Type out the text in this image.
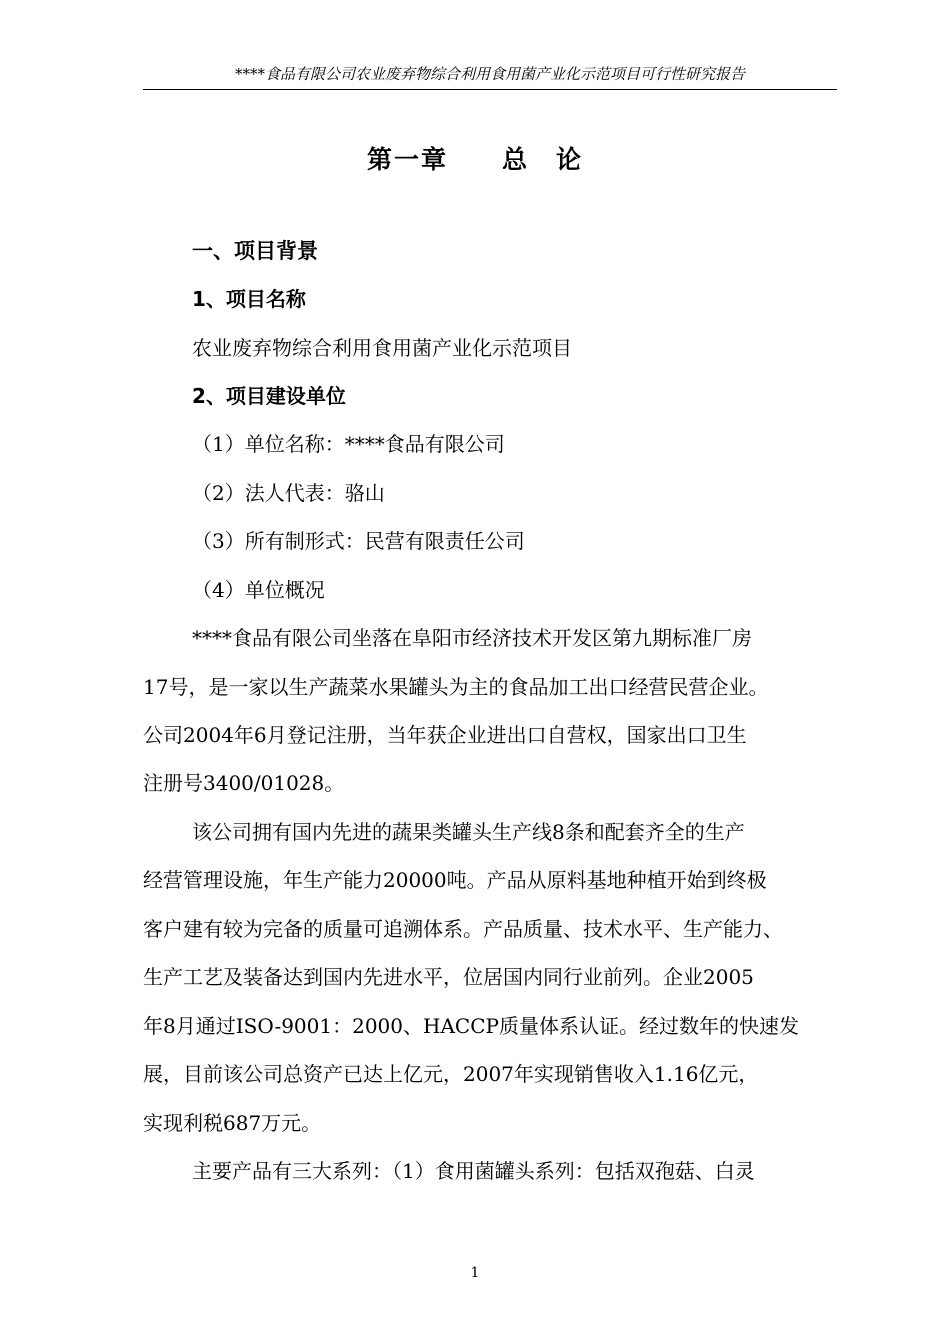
****食品有限公司农业废弃物综合利用食用菌产业化示范项目可行性研究报告
第一章　　总　论
一、项目背景
1、项目名称
农业废弃物综合利用食用菌产业化示范项目
2、项目建设单位
（1）单位名称：****食品有限公司
（2）法人代表：骆山
（3）所有制形式：民营有限责任公司
（4）单位概况
****食品有限公司坐落在阜阳市经济技术开发区第九期标准厂房
17号，是一家以生产蔬菜水果罐头为主的食品加工出口经营民营企业。
公司2004年6月登记注册，当年获企业进出口自营权，国家出口卫生
注册号3400/01028。
该公司拥有国内先进的蔬果类罐头生产线8条和配套齐全的生产
经营管理设施，年生产能力20000吨。产品从原料基地种植开始到终极
客户建有较为完备的质量可追溯体系。产品质量、技术水平、生产能力、
生产工艺及装备达到国内先进水平，位居国内同行业前列。企业2005
年8月通过ISO-9001：2000、HACCP质量体系认证。经过数年的快速发
展，目前该公司总资产已达上亿元，2007年实现销售收入1.16亿元，
实现利税687万元。
主要产品有三大系列：（1）食用菌罐头系列：包括双孢菇、白灵
1
